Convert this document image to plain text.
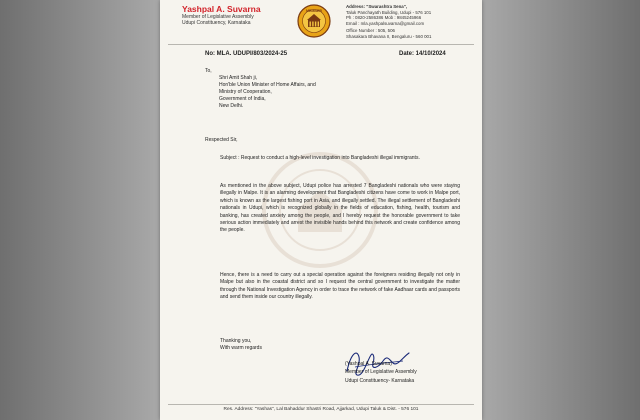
Yashpal A. Suvarna
Member of Legislative Assembly
Udupi Constituency, Karnataka
MEMBER
Address: "Swarashtra Sena",
Taluk Panchayath Building, Udupi - 576 101
Ph : 0820-2586386 Mob : 9845245966
Email : mla.yashpalsuvarna@gmail.com
Office Number : 505, 506
Shasakara Bhavana II, Bengaluru - 560 001
No: MLA. UDUPI/803/2024-25	Date: 14/10/2024
To,

Shri Amit Shah ji,
Hon'ble Union Minister of Home Affairs, and
Ministry of Cooperation,
Government of India,
New Delhi.
Respected Sir,
Subject : Request to conduct a high-level investigation into Bangladeshi illegal immigrants.
As mentioned in the above subject, Udupi police has arrested 7 Bangladeshi nationals who were staying illegally in Malpe. It is an alarming development that Bangladeshi citizens have come to work in Malpe port, which is known as the largest fishing port in Asia, and illegally settled. The illegal settlement of Bangladeshi nationals in Udupi, which is recognized globally in the fields of education, fishing, health, tourism and banking, has created anxiety among the people, and I hereby request the honorable government to take serious action immediately and arrest the invisible hands behind this network and create confidence among the people.
Hence, there is a need to carry out a special operation against the foreigners residing illegally not only in Malpe but also in the coastal district and so I request the central government to investigate the matter through the National Investigation Agency in order to trace the network of fake Aadhaar cards and passports and send them inside our country illegally.
Thanking you,
With warm regards
(Yashpal A. Suvarna)
Member of Legislative Assembly
Udupi Constituency- Karnataka
Res. Address: "Yashas", Lal Bahaddur Shastri Road, Ajjarkad, Udupi Taluk & Dist. - 576 101
